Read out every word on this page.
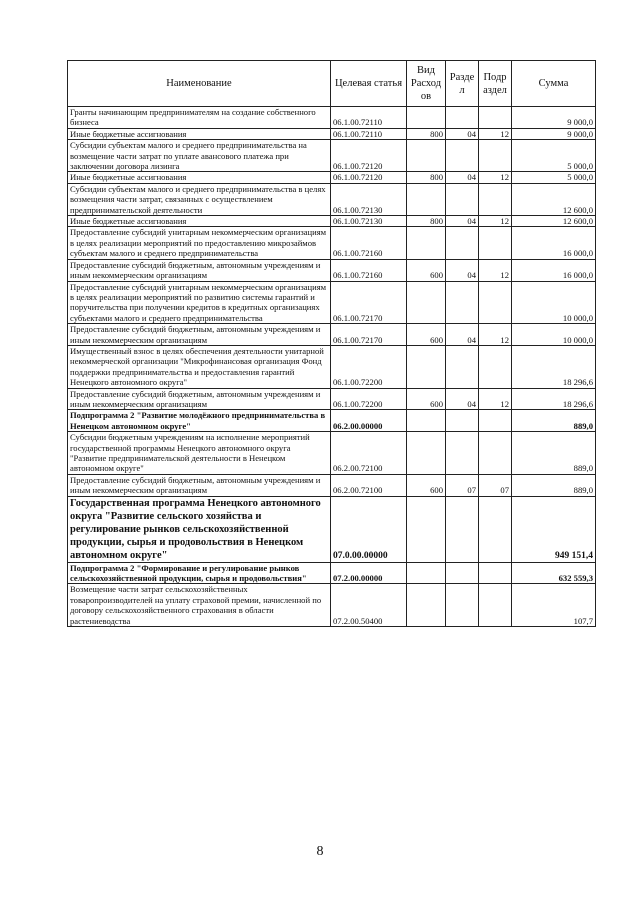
Наименование	Целевая статья	Вид Расход ов	Разде л	Подр аздел	Сумма
Гранты начинающим предпринимателям на создание собственного бизнеса	06.1.00.72110				9 000,0
Иные бюджетные ассигнования	06.1.00.72110	800	04	12	9 000,0
Субсидии субъектам малого и среднего предпринимательства на возмещение части затрат по уплате авансового платежа при заключении договора лизинга	06.1.00.72120				5 000,0
Иные бюджетные ассигнования	06.1.00.72120	800	04	12	5 000,0
Субсидии субъектам малого и среднего предпринимательства в целях возмещения части затрат, связанных с осуществлением предпринимательской деятельности	06.1.00.72130				12 600,0
Иные бюджетные ассигнования	06.1.00.72130	800	04	12	12 600,0
Предоставление субсидий унитарным некоммерческим организациям в целях реализации мероприятий по предоставлению микрозаймов субъектам малого и среднего предпринимательства	06.1.00.72160				16 000,0
Предоставление субсидий бюджетным, автономным учреждениям и иным некоммерческим организациям	06.1.00.72160	600	04	12	16 000,0
Предоставление субсидий унитарным некоммерческим организациям в целях реализации мероприятий по развитию системы гарантий и поручительства при получении кредитов в кредитных организациях субъектами малого и среднего предпринимательства	06.1.00.72170				10 000,0
Предоставление субсидий бюджетным, автономным учреждениям и иным некоммерческим организациям	06.1.00.72170	600	04	12	10 000,0
Имущественный взнос в целях обеспечения деятельности унитарной некоммерческой организации "Микрофинансовая организация Фонд поддержки предпринимательства и предоставления гарантий Ненецкого автономного округа"	06.1.00.72200				18 296,6
Предоставление субсидий бюджетным, автономным учреждениям и иным некоммерческим организациям	06.1.00.72200	600	04	12	18 296,6
Подпрограмма 2 "Развитие молодёжного предпринимательства в Ненецком автономном округе"	06.2.00.00000				889,0
Субсидии бюджетным учреждениям на исполнение мероприятий государственной программы Ненецкого автономного округа "Развитие предпринимательской деятельности в Ненецком автономном округе"	06.2.00.72100				889,0
Предоставление субсидий бюджетным, автономным учреждениям и иным некоммерческим организациям	06.2.00.72100	600	07	07	889,0
Государственная программа Ненецкого автономного округа "Развитие сельского хозяйства и регулирование рынков сельскохозяйственной продукции, сырья и продовольствия в Ненецком автономном округе"	07.0.00.00000				949 151,4
Подпрограмма 2 "Формирование и регулирование рынков сельскохозяйственной продукции, сырья и продовольствия"	07.2.00.00000				632 559,3
Возмещение части затрат сельскохозяйственных товаропроизводителей на уплату страховой премии, начисленной по договору сельскохозяйственного страхования в области растениеводства	07.2.00.50400				107,7
8
